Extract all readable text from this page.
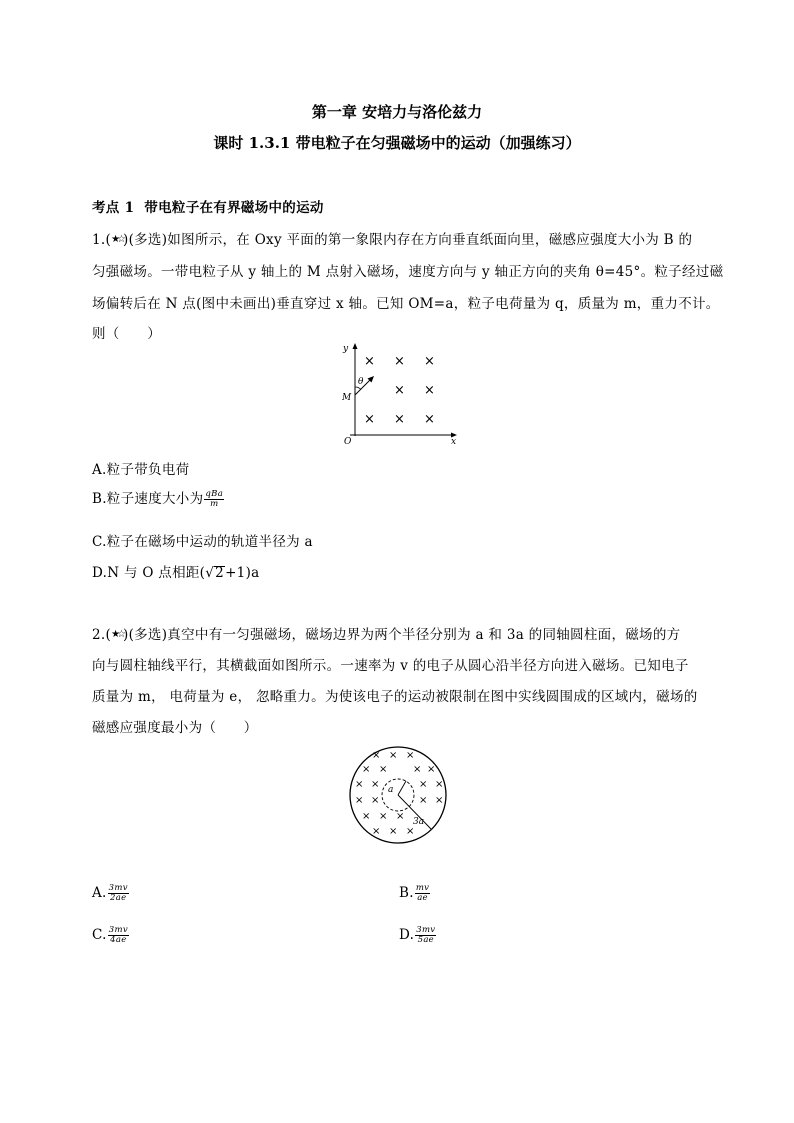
第一章 安培力与洛伦兹力
课时 1.3.1 带电粒子在匀强磁场中的运动（加强练习）
考点 1 带电粒子在有界磁场中的运动
1.(★☆)(多选)如图所示，在 Oxy 平面的第一象限内存在方向垂直纸面向里，磁感应强度大小为 B 的
匀强磁场。一带电粒子从 y 轴上的 M 点射入磁场，速度方向与 y 轴正方向的夹角 θ=45°。粒子经过磁
场偏转后在 N 点(图中未画出)垂直穿过 x 轴。已知 OM=a，粒子电荷量为 q，质量为 m，重力不计。
则（　　）
y
x
O
M
θ
× × ×
× ×
× × ×
A.粒子带负电荷
B.粒子速度大小为 $\frac{\text{qBa}}{m}$
C.粒子在磁场中运动的轨道半径为 a
D.N 与 O 点相距(√2+1)a
2.(★☆)(多选)真空中有一匀强磁场，磁场边界为两个半径分别为 a 和 3a 的同轴圆柱面，磁场的方
向与圆柱轴线平行，其横截面如图所示。一速率为 v 的电子从圆心沿半径方向进入磁场。已知电子
质量为 m， 电荷量为 e， 忽略重力。为使该电子的运动被限制在图中实线圆围成的区域内，磁场的
磁感应强度最小为（　　）
a
3a
× × ×
× ×	× ×
× ×	× ×
× ×	× ×
× × ×
× × ×
A. $\frac{3mv}{2ae}$	B. $\frac{mv}{ae}$
C. $\frac{3mv}{4ae}$	D. $\frac{3mv}{5ae}$
